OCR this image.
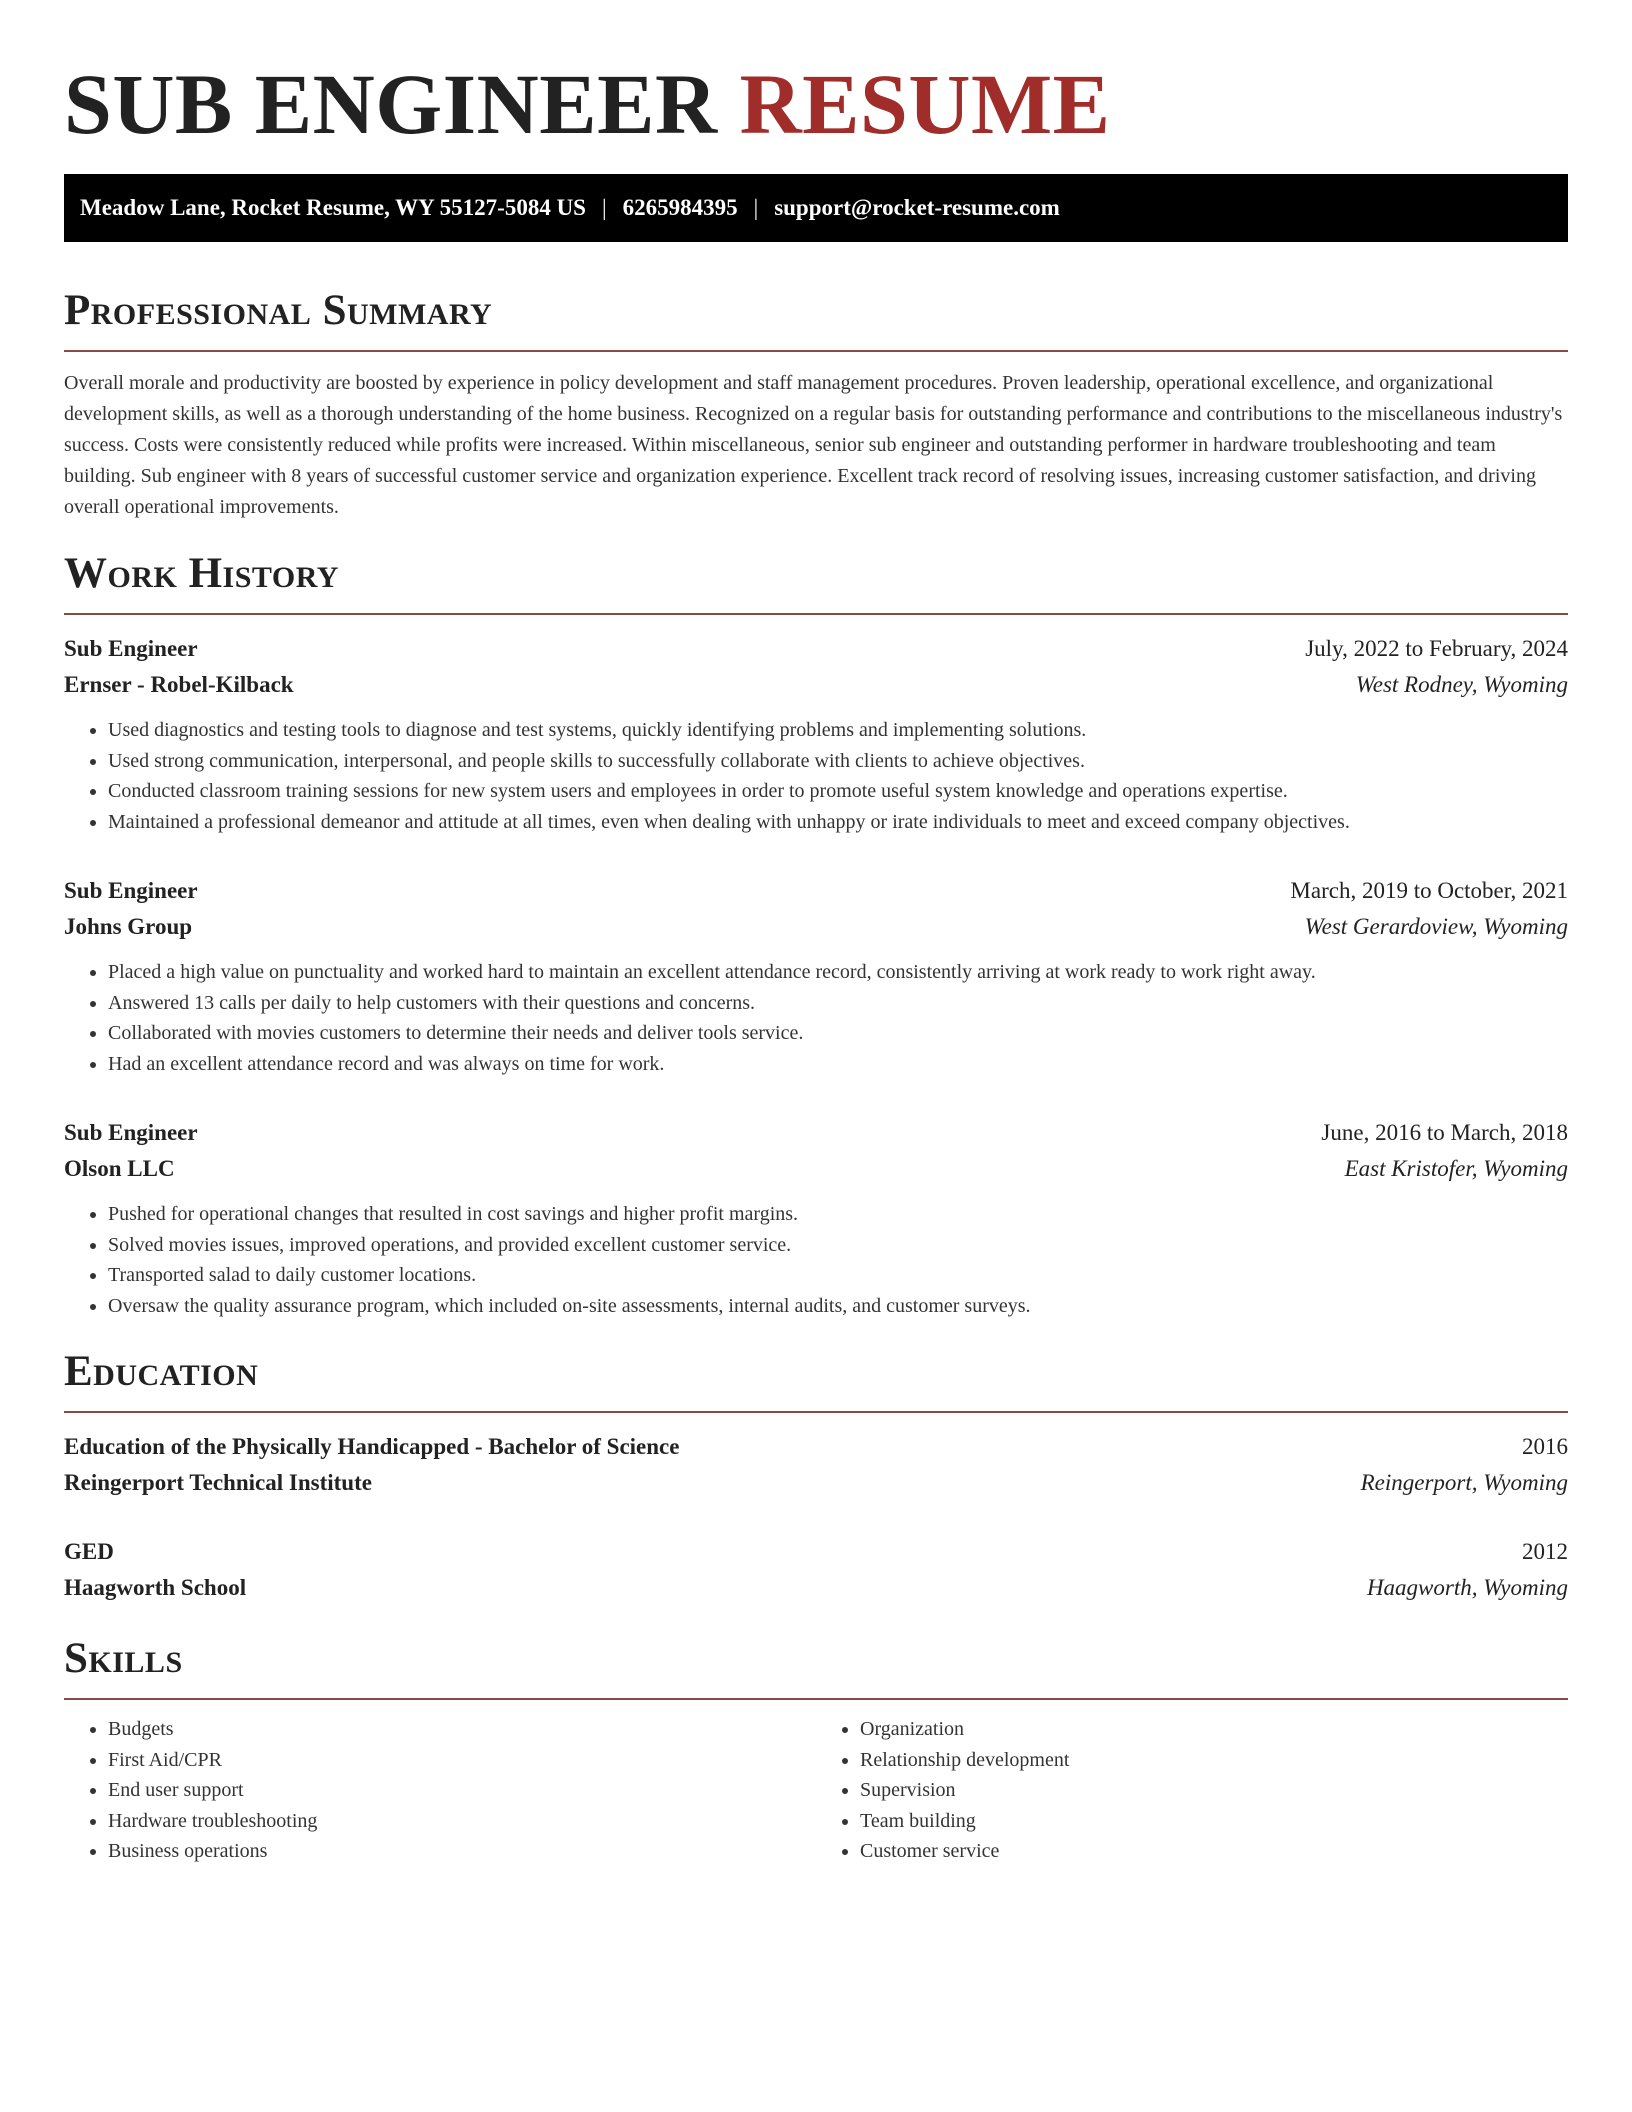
SUB ENGINEER RESUME
Meadow Lane, Rocket Resume, WY 55127-5084 US | 6265984395 | support@rocket-resume.com
Professional Summary

Overall morale and productivity are boosted by experience in policy development and staff management procedures. Proven leadership, operational excellence, and organizational development skills, as well as a thorough understanding of the home business. Recognized on a regular basis for outstanding performance and contributions to the miscellaneous industry's success. Costs were consistently reduced while profits were increased. Within miscellaneous, senior sub engineer and outstanding performer in hardware troubleshooting and team building. Sub engineer with 8 years of successful customer service and organization experience. Excellent track record of resolving issues, increasing customer satisfaction, and driving overall operational improvements.

Work History
Sub Engineer	July, 2022 to February, 2024
Ernser - Robel-Kilback	West Rodney, Wyoming
• Used diagnostics and testing tools to diagnose and test systems, quickly identifying problems and implementing solutions.
• Used strong communication, interpersonal, and people skills to successfully collaborate with clients to achieve objectives.
• Conducted classroom training sessions for new system users and employees in order to promote useful system knowledge and operations expertise.
• Maintained a professional demeanor and attitude at all times, even when dealing with unhappy or irate individuals to meet and exceed company objectives.
Sub Engineer	March, 2019 to October, 2021
Johns Group	West Gerardoview, Wyoming
• Placed a high value on punctuality and worked hard to maintain an excellent attendance record, consistently arriving at work ready to work right away.
• Answered 13 calls per daily to help customers with their questions and concerns.
• Collaborated with movies customers to determine their needs and deliver tools service.
• Had an excellent attendance record and was always on time for work.
Sub Engineer	June, 2016 to March, 2018
Olson LLC	East Kristofer, Wyoming
• Pushed for operational changes that resulted in cost savings and higher profit margins.
• Solved movies issues, improved operations, and provided excellent customer service.
• Transported salad to daily customer locations.
• Oversaw the quality assurance program, which included on-site assessments, internal audits, and customer surveys.
Education
Education of the Physically Handicapped - Bachelor of Science	2016
Reingerport Technical Institute	Reingerport, Wyoming
GED	2012
Haagworth School	Haagworth, Wyoming
Skills
• Budgets
• First Aid/CPR
• End user support
• Hardware troubleshooting
• Business operations
• Organization
• Relationship development
• Supervision
• Team building
• Customer service
